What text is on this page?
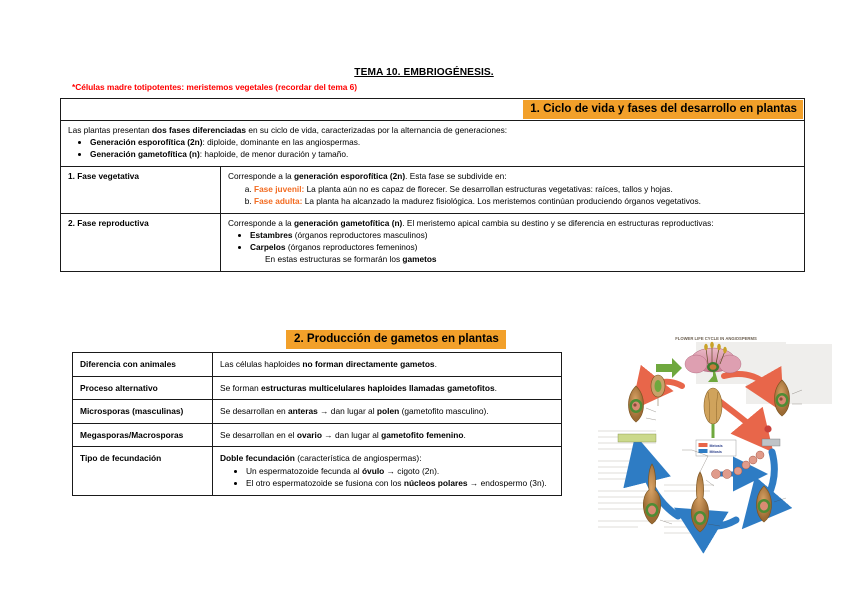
TEMA 10. EMBRIOGÉNESIS.
*Células madre totipotentes: meristemos vegetales (recordar del tema 6)
1. Ciclo de vida y fases del desarrollo en plantas	

Las plantas presentan dos fases diferenciadas en su ciclo de vida, caracterizadas por la alternancia de generaciones:
• Generación esporofítica (2n): diploide, dominante en las angiospermas.
• Generación gametofítica (n): haploide, de menor duración y tamaño.

1. Fase vegetativa	Corresponde a la generación esporofítica (2n). Esta fase se subdivide en:
a. Fase juvenil: La planta aún no es capaz de florecer. Se desarrollan estructuras vegetativas: raíces, tallos y hojas.
b. Fase adulta: La planta ha alcanzado la madurez fisiológica. Los meristemos continúan produciendo órganos vegetativos.

2. Fase reproductiva	Corresponde a la generación gametofítica (n). El meristemo apical cambia su destino y se diferencia en estructuras reproductivas:
• Estambres (órganos reproductores masculinos)
• Carpelos (órganos reproductores femeninos)
En estas estructuras se formarán los gametos
2. Producción de gametos en plantas
Diferencia con animales	Las células haploides no forman directamente gametos.
Proceso alternativo	Se forman estructuras multicelulares haploides llamadas gametofitos.
Microsporas (masculinas)	Se desarrollan en anteras → dan lugar al polen (gametofito masculino).
Megasporas/Macrosporas	Se desarrollan en el ovario → dan lugar al gametofito femenino.
Tipo de fecundación	Doble fecundación (característica de angiospermas):
• Un espermatozoide fecunda al óvulo → cigoto (2n).
• El otro espermatozoide se fusiona con los núcleos polares → endospermo (3n).
FLOWER LIFE CYCLE IN ANGIOSPERMS
Meiosis
Mitosis
